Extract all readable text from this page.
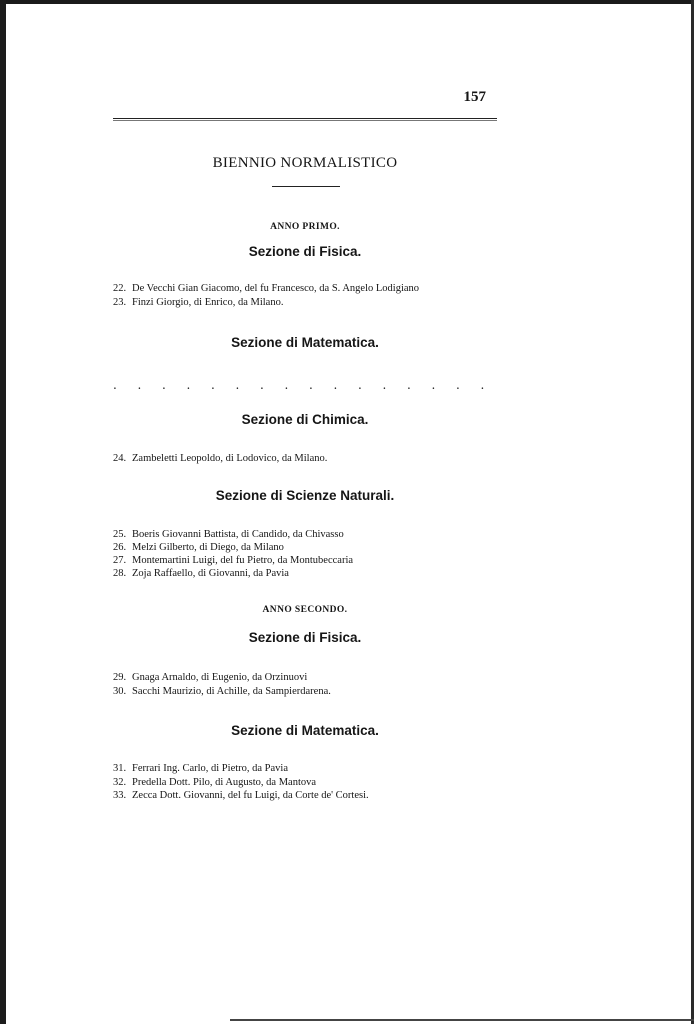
157
BIENNIO NORMALISTICO
ANNO PRIMO.
Sezione di Fisica.
22. De Vecchi Gian Giacomo, del fu Francesco, da S. Angelo Lodigiano
23. Finzi Giorgio, di Enrico, da Milano.
Sezione di Matematica.
. . . . . . . . . . . . . . . .
Sezione di Chimica.
24. Zambeletti Leopoldo, di Lodovico, da Milano.
Sezione di Scienze Naturali.
25. Boeris Giovanni Battista, di Candido, da Chivasso
26. Melzi Gilberto, di Diego, da Milano
27. Montemartini Luigi, del fu Pietro, da Montubeccaria
28. Zoja Raffaello, di Giovanni, da Pavia
ANNO SECONDO.
Sezione di Fisica.
29. Gnaga Arnaldo, di Eugenio, da Orzinuovi
30. Sacchi Maurizio, di Achille, da Sampierdarena.
Sezione di Matematica.
31. Ferrari Ing. Carlo, di Pietro, da Pavia
32. Predella Dott. Pilo, di Augusto, da Mantova
33. Zecca Dott. Giovanni, del fu Luigi, da Corte de' Cortesi.
